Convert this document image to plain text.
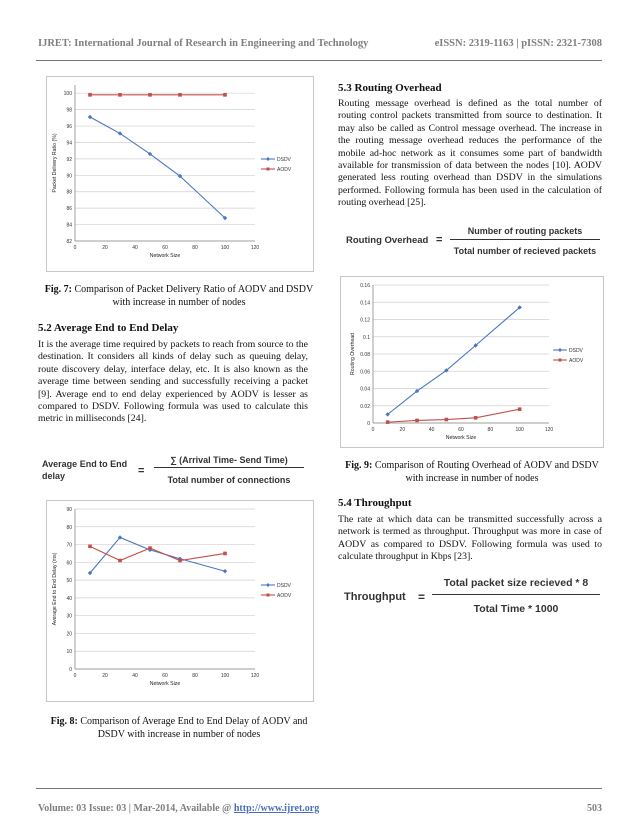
IJRET: International Journal of Research in Engineering and Technology	eISSN: 2319-1163 | pISSN: 2321-7308
82
84
86
88
90
92
94
96
98
100
0	20	40	60	80	100	120
Network Size
Packet Delivery Ratio (%)	DSDV
AODV
Fig. 7: Comparison of Packet Delivery Ratio of AODV and DSDV with increase in number of nodes
5.2 Average End to End Delay

It is the average time required by packets to reach from source to the destination. It considers all kinds of delay such as queuing delay, route discovery delay, interface delay, etc. It is also known as the average time between sending and successfully receiving a packet [9]. Average end to end delay experienced by AODV is lesser as compared to DSDV. Following formula was used to calculate this metric in milliseconds [24].

Average End to End
delay	=
∑ (Arrival Time- Send Time)
Total number of connections
0
10
20
30
40
50
60
70
80
90
0	20	40	60	80	100	120
Network Size
Average End to End Delay (ms)	DSDV
AODV
Fig. 8: Comparison of Average End to End Delay of AODV and DSDV with increase in number of nodes
5.3 Routing Overhead

Routing message overhead is defined as the total number of routing control packets transmitted from source to destination. It may also be called as Control message overhead. The increase in the routing message overhead reduces the performance of the mobile ad-hoc network as it consumes some part of bandwidth available for transmission of data between the nodes [10]. AODV generated less routing overhead than DSDV in the simulations performed. Following formula has been used in the calculation of routing overhead [25].

Routing Overhead =
Number of routing packets
Total number of recieved packets
0
0.02
0.04
0.06
0.08
0.1
0.12
0.14
0.16
0	20	40	60	80	100	120
Network Size
Routing Overhead	DSDV
AODV
Fig. 9: Comparison of Routing Overhead of AODV and DSDV with increase in number of nodes
5.4 Throughput

The rate at which data can be transmitted successfully across a network is termed as throughput. Throughput was more in case of AODV as compared to DSDV. Following formula was used to calculate throughput in Kbps [23].

Throughput =
Total packet size recieved * 8
Total Time * 1000
Volume: 03 Issue: 03 | Mar-2014, Available @ http://www.ijret.org	503
